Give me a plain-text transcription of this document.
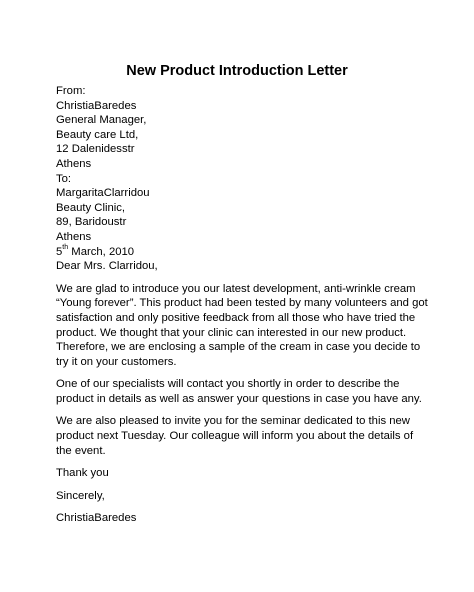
New Product Introduction Letter
From:
ChristiaBaredes
General Manager,
Beauty care Ltd,
12 Dalenidesstr
Athens
To:
MargaritaClarridou
Beauty Clinic,
89, Baridoustr
Athens
5th March, 2010
Dear Mrs. Clarridou,

We are glad to introduce you our latest development, anti-wrinkle cream
“Young forever”. This product had been tested by many volunteers and got
satisfaction and only positive feedback from all those who have tried the
product. We thought that your clinic can interested in our new product.
Therefore, we are enclosing a sample of the cream in case you decide to
try it on your customers.

One of our specialists will contact you shortly in order to describe the
product in details as well as answer your questions in case you have any.

We are also pleased to invite you for the seminar dedicated to this new
product next Tuesday. Our colleague will inform you about the details of
the event.

Thank you
Sincerely,
ChristiaBaredes
